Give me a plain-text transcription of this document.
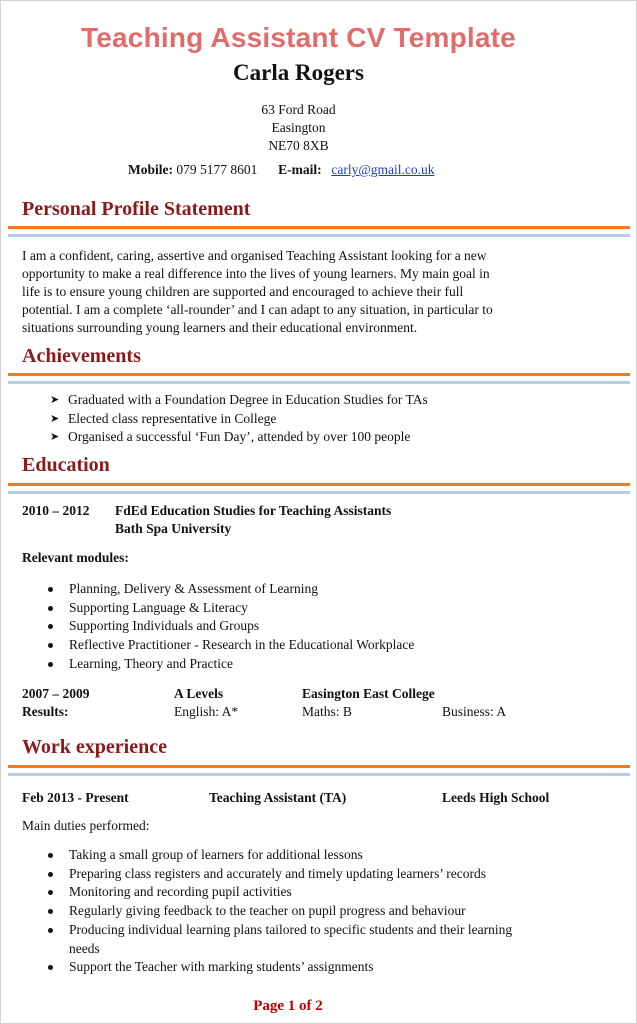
Teaching Assistant CV Template
Carla Rogers
63 Ford Road
Easington
NE70 8XB
Mobile: 079 5177 8601 E-mail: carly@gmail.co.uk
Personal Profile Statement
I am a confident, caring, assertive and organised Teaching Assistant looking for a new
opportunity to make a real difference into the lives of young learners. My main goal in
life is to ensure young children are supported and encouraged to achieve their full
potential. I am a complete ‘all-rounder’ and I can adapt to any situation, in particular to
situations surrounding young learners and their educational environment.
Achievements
➤ Graduated with a Foundation Degree in Education Studies for TAs
➤ Elected class representative in College
➤ Organised a successful ‘Fun Day’, attended by over 100 people
Education
2010 – 2012 FdEd Education Studies for Teaching Assistants
Bath Spa University
Relevant modules:
Planning, Delivery & Assessment of Learning
Supporting Language & Literacy
Supporting Individuals and Groups
Reflective Practitioner - Research in the Educational Workplace
Learning, Theory and Practice
2007 – 2009	A Levels	Easington East College
Results:	English: A*	Maths: B	Business: A
Work experience
Feb 2013 - Present	Teaching Assistant (TA)	Leeds High School
Main duties performed:
Taking a small group of learners for additional lessons
Preparing class registers and accurately and timely updating learners’ records
Monitoring and recording pupil activities
Regularly giving feedback to the teacher on pupil progress and behaviour
Producing individual learning plans tailored to specific students and their learning needs
Support the Teacher with marking students’ assignments
Page 1 of 2
